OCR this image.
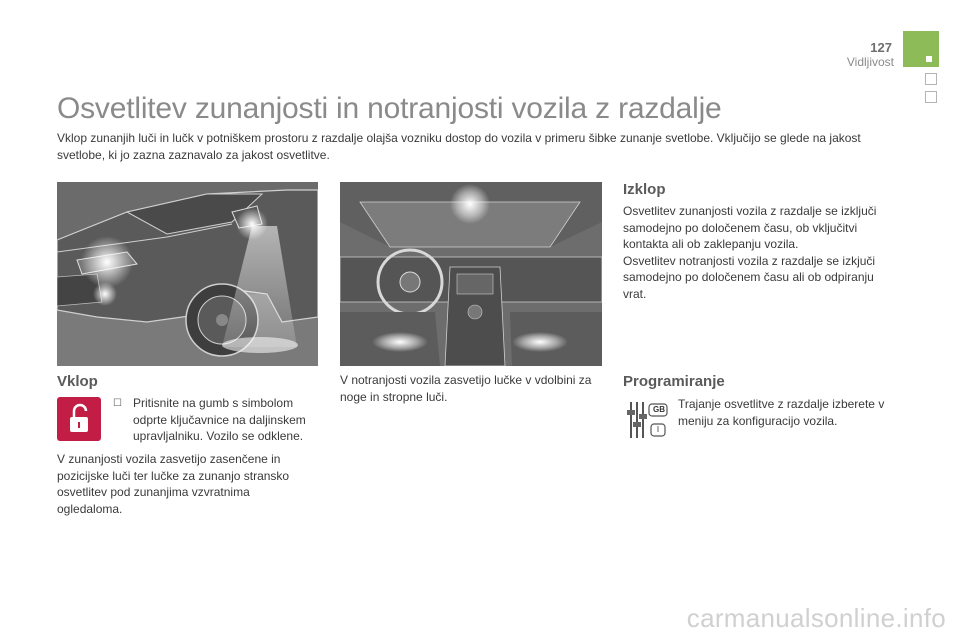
127
Vidljivost
Osvetlitev zunanjosti in notranjosti vozila z razdalje
Vklop zunanjih luči in lučk v potniškem prostoru z razdalje olajša vozniku dostop do vozila v primeru šibke zunanje svetlobe. Vključijo se glede na jakost svetlobe, ki jo zazna zaznavalo za jakost osvetlitve.
Vklop
☐ Pritisnite na gumb s simbolom odprte ključavnice na daljinskem upravljalniku. Vozilo se odklene.
V zunanjosti vozila zasvetijo zasenčene in pozicijske luči ter lučke za zunanjo stransko osvetlitev pod zunanjima vzvratnima ogledaloma.
V notranjosti vozila zasvetijo lučke v vdolbini za noge in stropne luči.
Izklop
Osvetlitev zunanjosti vozila z razdalje se izključi samodejno po določenem času, ob vključitvi kontakta ali ob zaklepanju vozila.
Osvetlitev notranjosti vozila z razdalje se izkjuči samodejno po določenem času ali ob odpiranju vrat.
Programiranje
GB
I
Trajanje osvetlitve z razdalje izberete v meniju za konfiguracijo vozila.
carmanualsonline.info
